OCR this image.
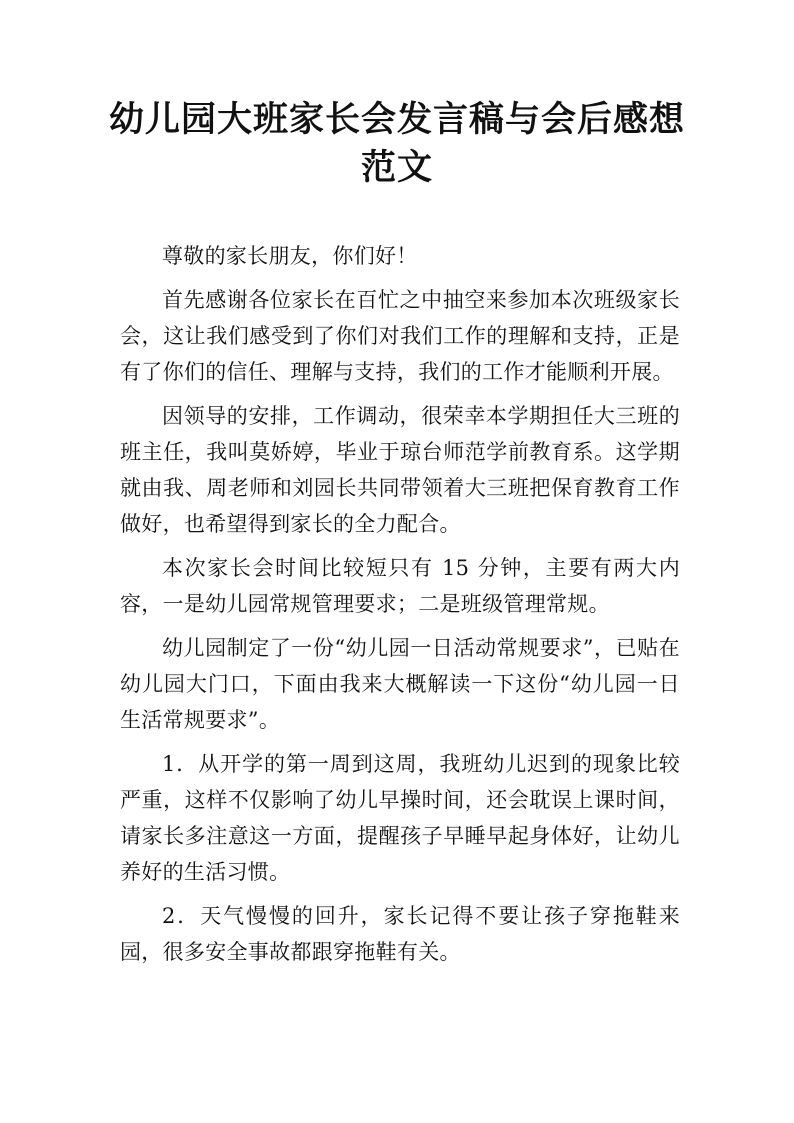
幼儿园大班家长会发言稿与会后感想范文

尊敬的家长朋友，你们好！

首先感谢各位家长在百忙之中抽空来参加本次班级家长会，这让我们感受到了你们对我们工作的理解和支持，正是有了你们的信任、理解与支持，我们的工作才能顺利开展。

因领导的安排，工作调动，很荣幸本学期担任大三班的班主任，我叫莫娇婷，毕业于琼台师范学前教育系。这学期就由我、周老师和刘园长共同带领着大三班把保育教育工作做好，也希望得到家长的全力配合。

本次家长会时间比较短只有 15 分钟，主要有两大内容，一是幼儿园常规管理要求；二是班级管理常规。

幼儿园制定了一份“幼儿园一日活动常规要求”，已贴在幼儿园大门口，下面由我来大概解读一下这份“幼儿园一日生活常规要求”。

1．从开学的第一周到这周，我班幼儿迟到的现象比较严重，这样不仅影响了幼儿早操时间，还会耽误上课时间，请家长多注意这一方面，提醒孩子早睡早起身体好，让幼儿养好的生活习惯。

2．天气慢慢的回升，家长记得不要让孩子穿拖鞋来园，很多安全事故都跟穿拖鞋有关。
